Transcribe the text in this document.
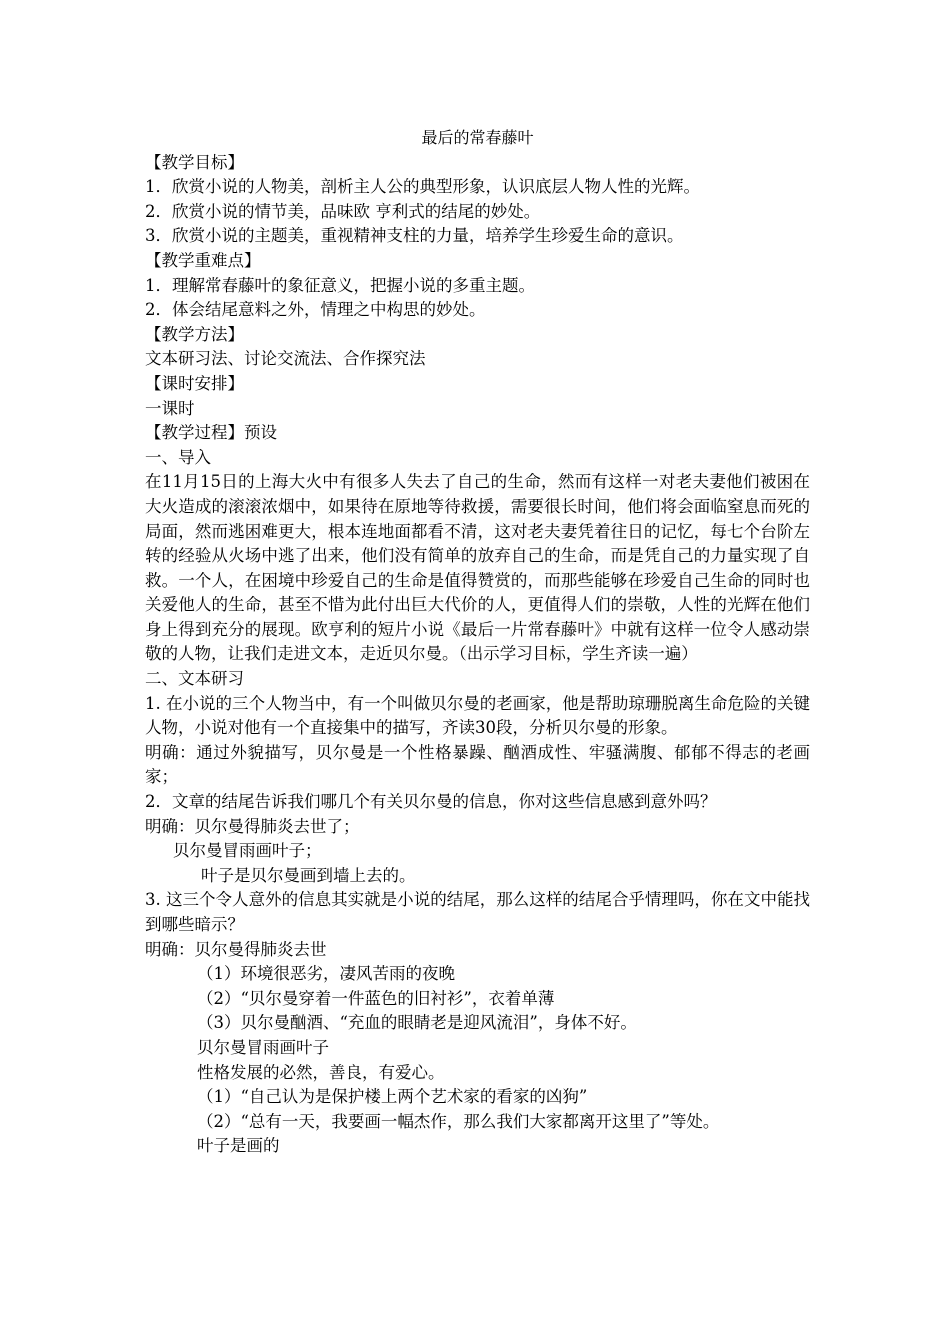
最后的常春藤叶

【教学目标】

1．欣赏小说的人物美，剖析主人公的典型形象，认识底层人物人性的光辉。

2．欣赏小说的情节美，品味欧 亨利式的结尾的妙处。

3．欣赏小说的主题美，重视精神支柱的力量，培养学生珍爱生命的意识。

【教学重难点】

1．理解常春藤叶的象征意义，把握小说的多重主题。

2．体会结尾意料之外，情理之中构思的妙处。

【教学方法】

文本研习法、讨论交流法、合作探究法

【课时安排】

一课时

【教学过程】预设

一、导入

在11月15日的上海大火中有很多人失去了自己的生命，然而有这样一对老夫妻他们被困在大火造成的滚滚浓烟中，如果待在原地等待救援，需要很长时间，他们将会面临窒息而死的局面，然而逃困难更大，根本连地面都看不清，这对老夫妻凭着往日的记忆，每七个台阶左转的经验从火场中逃了出来，他们没有简单的放弃自己的生命，而是凭自己的力量实现了自救。一个人，在困境中珍爱自己的生命是值得赞赏的，而那些能够在珍爱自己生命的同时也关爱他人的生命，甚至不惜为此付出巨大代价的人，更值得人们的崇敬，人性的光辉在他们身上得到充分的展现。欧亨利的短片小说《最后一片常春藤叶》中就有这样一位令人感动崇敬的人物，让我们走进文本，走近贝尔曼。（出示学习目标，学生齐读一遍）

二、文本研习

1. 在小说的三个人物当中，有一个叫做贝尔曼的老画家，他是帮助琼珊脱离生命危险的关键人物，小说对他有一个直接集中的描写，齐读30段，分析贝尔曼的形象。

明确：通过外貌描写，贝尔曼是一个性格暴躁、酗酒成性、牢骚满腹、郁郁不得志的老画家；

2．文章的结尾告诉我们哪几个有关贝尔曼的信息，你对这些信息感到意外吗？

明确：贝尔曼得肺炎去世了；

贝尔曼冒雨画叶子；

叶子是贝尔曼画到墙上去的。

3. 这三个令人意外的信息其实就是小说的结尾，那么这样的结尾合乎情理吗，你在文中能找到哪些暗示？

明确：贝尔曼得肺炎去世

（1）环境很恶劣，凄风苦雨的夜晚

（2）“贝尔曼穿着一件蓝色的旧衬衫”，衣着单薄

（3）贝尔曼酗酒、“充血的眼睛老是迎风流泪”，身体不好。

贝尔曼冒雨画叶子

性格发展的必然，善良，有爱心。

（1）“自己认为是保护楼上两个艺术家的看家的凶狗”

（2）“总有一天，我要画一幅杰作，那么我们大家都离开这里了”等处。

叶子是画的
